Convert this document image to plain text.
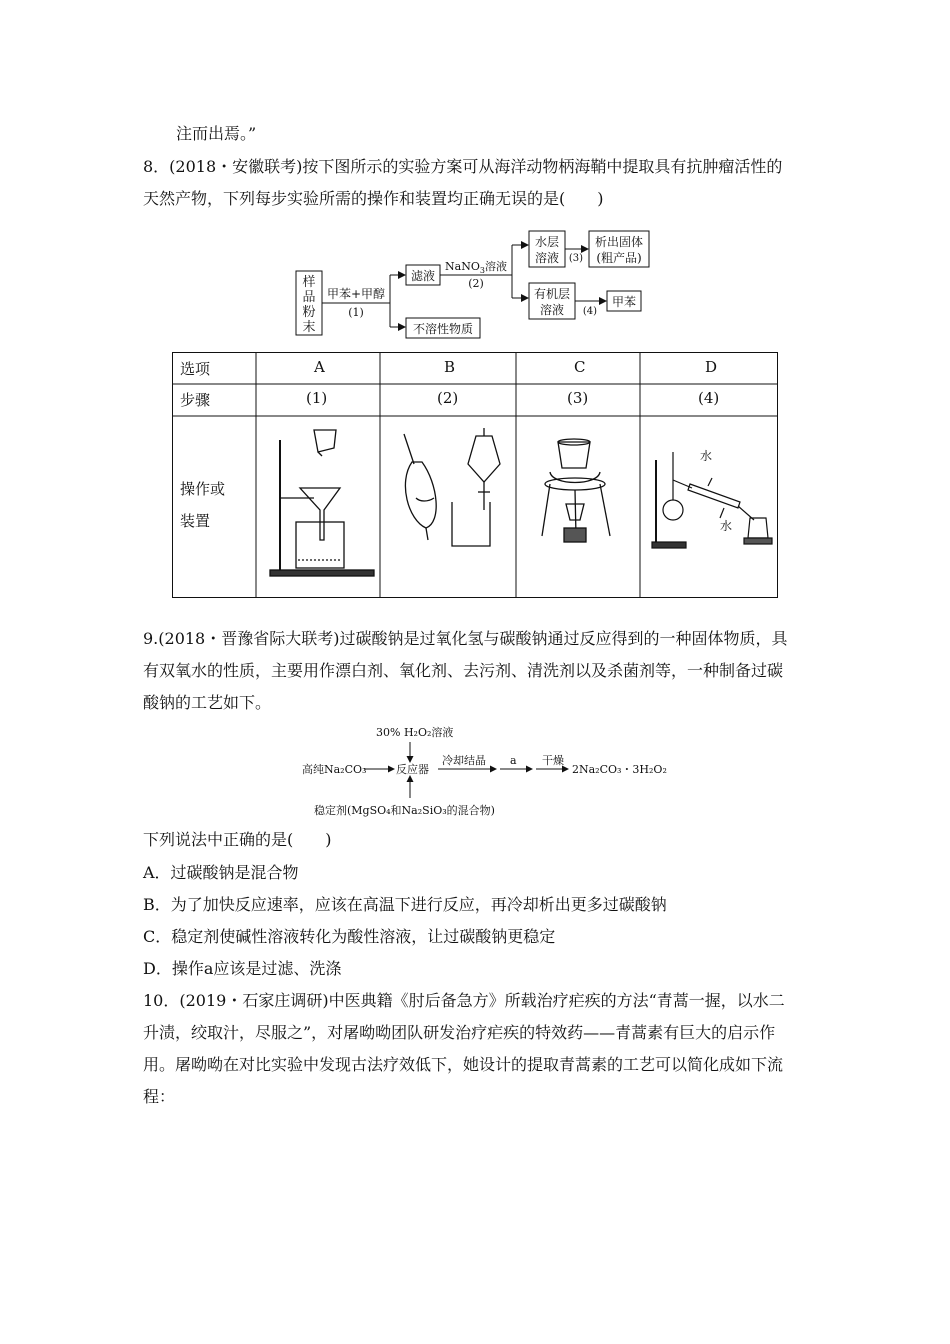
注而出焉。”
8．(2018・安徽联考)按下图所示的实验方案可从海洋动物柄海鞘中提取具有抗肿瘤活性的
天然产物，下列每步实验所需的操作和装置均正确无误的是(　　)
样
品
粉
末
甲苯+甲醇
(1)
滤液
不溶性物质
NaNO$_3$溶液
(2)
水层
溶液 (3)
析出固体
(粗产品)
有机层
溶液 (4)
甲苯
水
水
选项	A	B	C	D
步骤	(1)	(2)	(3)	(4)
操作或
装置
9.(2018・晋豫省际大联考)过碳酸钠是过氧化氢与碳酸钠通过反应得到的一种固体物质，具
有双氧水的性质，主要用作漂白剂、氧化剂、去污剂、清洗剂以及杀菌剂等，一种制备过碳
酸钠的工艺如下。
30% H₂O₂溶液
高纯Na₂CO₃	反应器
冷却结晶 a 干燥
2Na₂CO₃・3H₂O₂
稳定剂(MgSO₄和Na₂SiO₃的混合物)
下列说法中正确的是(　　)
A．过碳酸钠是混合物
B．为了加快反应速率，应该在高温下进行反应，再冷却析出更多过碳酸钠
C．稳定剂使碱性溶液转化为酸性溶液，让过碳酸钠更稳定
D．操作a应该是过滤、洗涤
10．(2019・石家庄调研)中医典籍《肘后备急方》所载治疗疟疾的方法“青蒿一握，以水二
升渍，绞取汁，尽服之”，对屠呦呦团队研发治疗疟疾的特效药——青蒿素有巨大的启示作
用。屠呦呦在对比实验中发现古法疗效低下，她设计的提取青蒿素的工艺可以简化成如下流
程：
